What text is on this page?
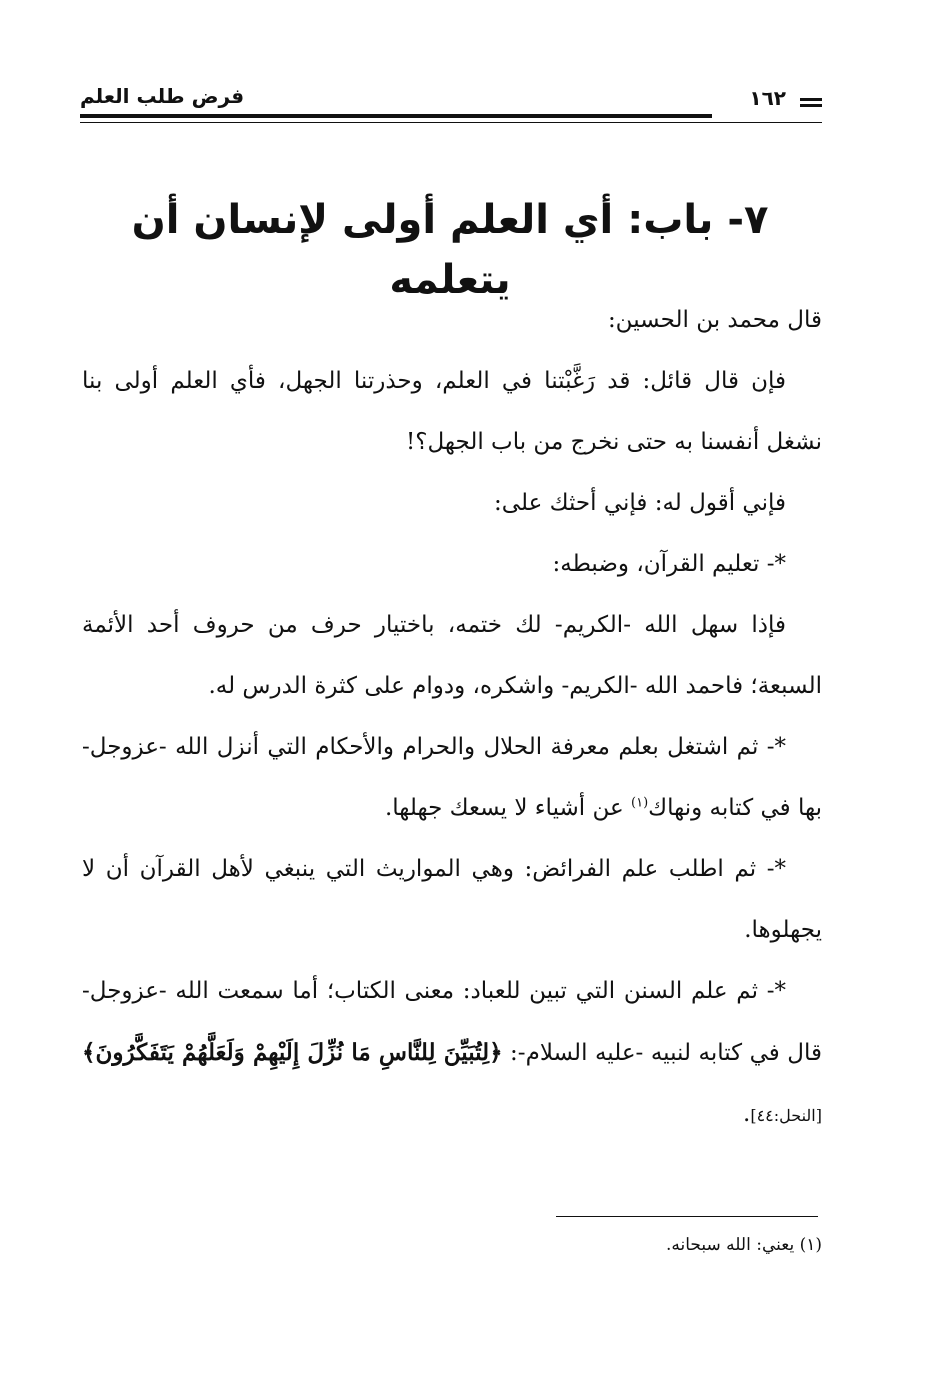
فرض طلب العلم	١٦٢
٧- باب: أي العلم أولى لإنسان أن يتعلمه

قال محمد بن الحسين:

فإن قال قائل: قد رَغَّبْتنا في العلم، وحذرتنا الجهل، فأي العلم أولى بنا نشغل أنفسنا به حتى نخرج من باب الجهل؟!

فإني أقول له: فإني أحثك على:

*- تعليم القرآن، وضبطه:

فإذا سهل الله -الكريم- لك ختمه، باختيار حرف من حروف أحد الأئمة السبعة؛ فاحمد الله -الكريم- واشكره، ودوام على كثرة الدرس له.

*- ثم اشتغل بعلم معرفة الحلال والحرام والأحكام التي أنزل الله -عزوجل- بها في كتابه ونهاك$^{(١)}$ عن أشياء لا يسعك جهلها.

*- ثم اطلب علم الفرائض: وهي المواريث التي ينبغي لأهل القرآن أن لا يجهلوها.

*- ثم علم السنن التي تبين للعباد: معنى الكتاب؛ أما سمعت الله -عزوجل- قال في كتابه لنبيه -عليه السلام-: ﴿لِتُبَيِّنَ لِلنَّاسِ مَا نُزِّلَ إِلَيْهِمْ وَلَعَلَّهُمْ يَتَفَكَّرُونَ﴾[النحل:٤٤].

(١) يعني: الله سبحانه.
